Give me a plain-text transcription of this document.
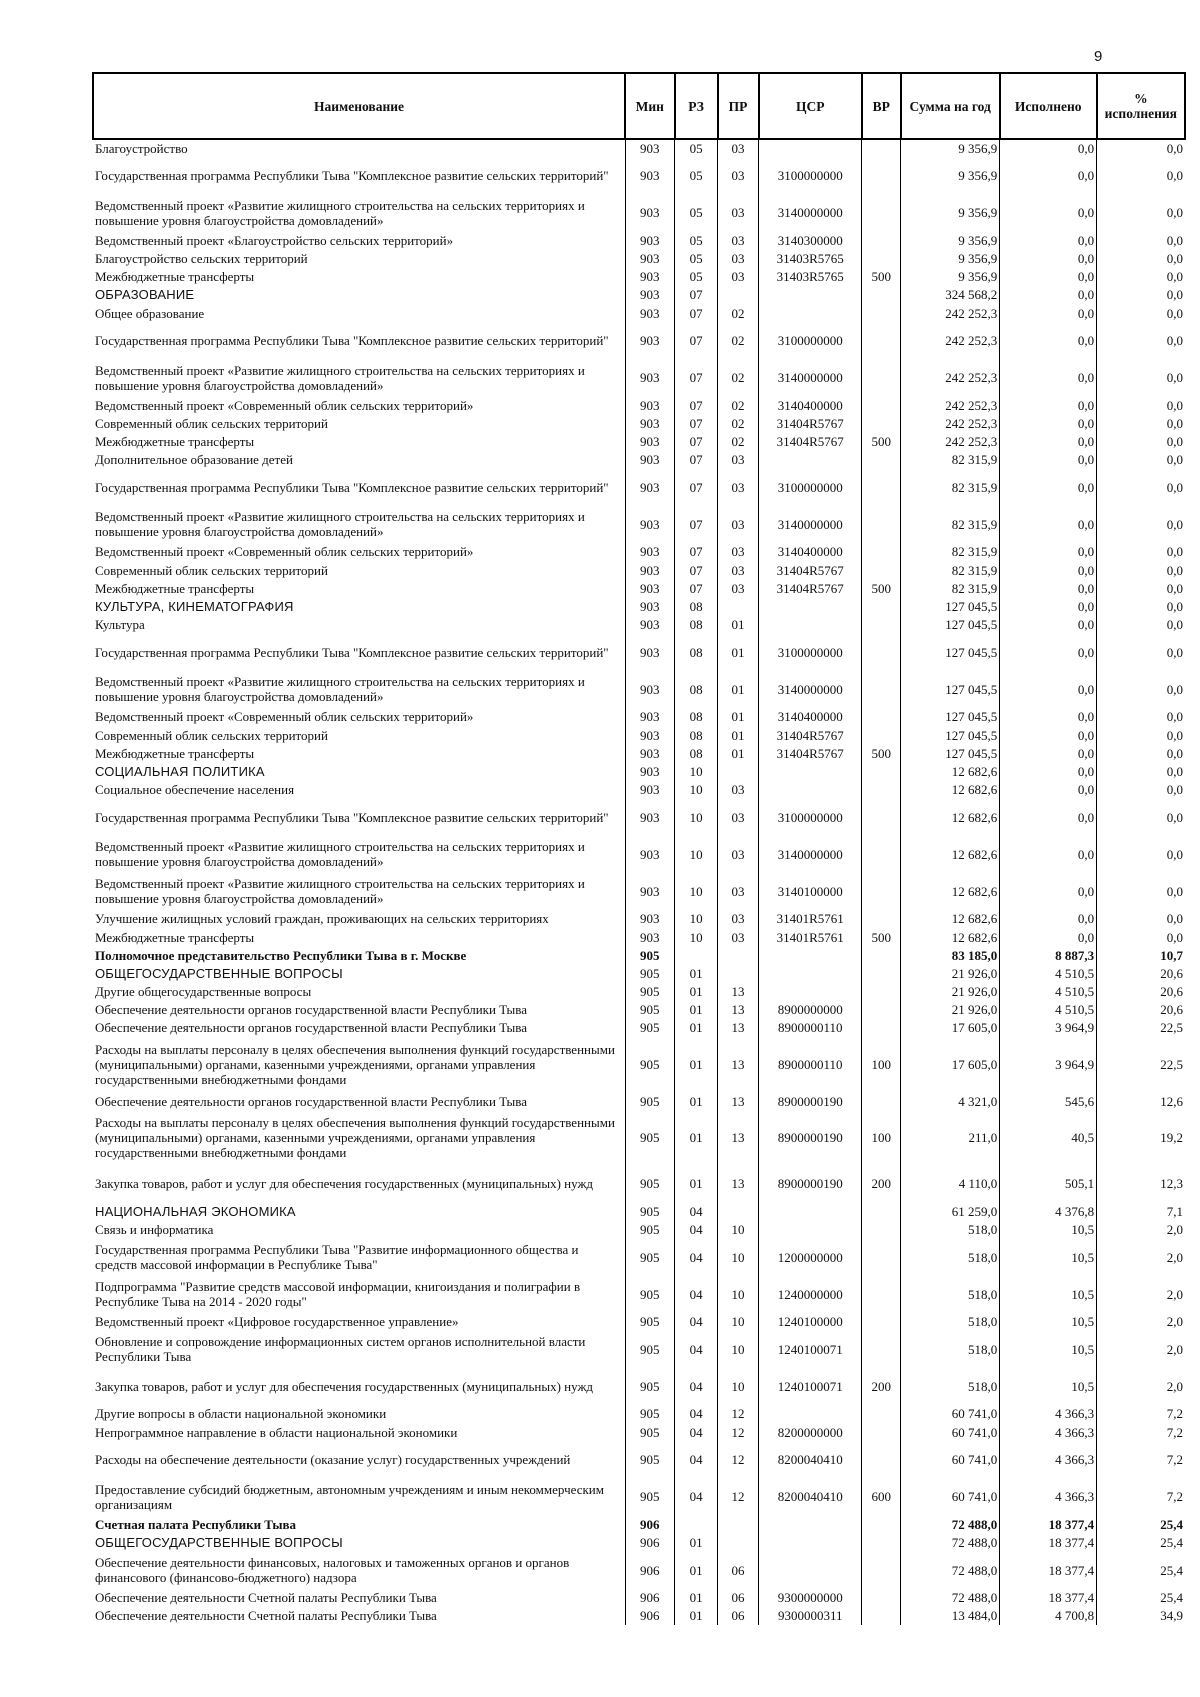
9
Наименование	Мин	РЗ	ПР	ЦСР	ВР	Сумма на год	Исполнено	% исполнения
Благоустройство	903	05	03			9 356,9	0,0	0,0
Государственная программа Республики Тыва "Комплексное развитие сельских территорий"	903	05	03	3100000000		9 356,9	0,0	0,0
Ведомственный проект «Развитие жилищного строительства на сельских территориях и повышение уровня благоустройства домовладений»	903	05	03	3140000000		9 356,9	0,0	0,0
Ведомственный проект «Благоустройство сельских территорий»	903	05	03	3140300000		9 356,9	0,0	0,0
Благоустройство сельских территорий	903	05	03	31403R5765		9 356,9	0,0	0,0
Межбюджетные трансферты	903	05	03	31403R5765	500	9 356,9	0,0	0,0
ОБРАЗОВАНИЕ	903	07				324 568,2	0,0	0,0
Общее образование	903	07	02			242 252,3	0,0	0,0
Государственная программа Республики Тыва "Комплексное развитие сельских территорий"	903	07	02	3100000000		242 252,3	0,0	0,0
Ведомственный проект «Развитие жилищного строительства на сельских территориях и повышение уровня благоустройства домовладений»	903	07	02	3140000000		242 252,3	0,0	0,0
Ведомственный проект «Современный облик сельских территорий»	903	07	02	3140400000		242 252,3	0,0	0,0
Современный облик сельских территорий	903	07	02	31404R5767		242 252,3	0,0	0,0
Межбюджетные трансферты	903	07	02	31404R5767	500	242 252,3	0,0	0,0
Дополнительное образование детей	903	07	03			82 315,9	0,0	0,0
Государственная программа Республики Тыва "Комплексное развитие сельских территорий"	903	07	03	3100000000		82 315,9	0,0	0,0
Ведомственный проект «Развитие жилищного строительства на сельских территориях и повышение уровня благоустройства домовладений»	903	07	03	3140000000		82 315,9	0,0	0,0
Ведомственный проект «Современный облик сельских территорий»	903	07	03	3140400000		82 315,9	0,0	0,0
Современный облик сельских территорий	903	07	03	31404R5767		82 315,9	0,0	0,0
Межбюджетные трансферты	903	07	03	31404R5767	500	82 315,9	0,0	0,0
КУЛЬТУРА, КИНЕМАТОГРАФИЯ	903	08				127 045,5	0,0	0,0
Культура	903	08	01			127 045,5	0,0	0,0
Государственная программа Республики Тыва "Комплексное развитие сельских территорий"	903	08	01	3100000000		127 045,5	0,0	0,0
Ведомственный проект «Развитие жилищного строительства на сельских территориях и повышение уровня благоустройства домовладений»	903	08	01	3140000000		127 045,5	0,0	0,0
Ведомственный проект «Современный облик сельских территорий»	903	08	01	3140400000		127 045,5	0,0	0,0
Современный облик сельских территорий	903	08	01	31404R5767		127 045,5	0,0	0,0
Межбюджетные трансферты	903	08	01	31404R5767	500	127 045,5	0,0	0,0
СОЦИАЛЬНАЯ ПОЛИТИКА	903	10				12 682,6	0,0	0,0
Социальное обеспечение населения	903	10	03			12 682,6	0,0	0,0
Государственная программа Республики Тыва "Комплексное развитие сельских территорий"	903	10	03	3100000000		12 682,6	0,0	0,0
Ведомственный проект «Развитие жилищного строительства на сельских территориях и повышение уровня благоустройства домовладений»	903	10	03	3140000000		12 682,6	0,0	0,0
Ведомственный проект «Развитие жилищного строительства на сельских территориях и повышение уровня благоустройства домовладений»	903	10	03	3140100000		12 682,6	0,0	0,0
Улучшение жилищных условий граждан, проживающих на сельских территориях	903	10	03	31401R5761		12 682,6	0,0	0,0
Межбюджетные трансферты	903	10	03	31401R5761	500	12 682,6	0,0	0,0
Полномочное представительство Республики Тыва в г. Москве	905					83 185,0	8 887,3	10,7
ОБЩЕГОСУДАРСТВЕННЫЕ ВОПРОСЫ	905	01				21 926,0	4 510,5	20,6
Другие общегосударственные вопросы	905	01	13			21 926,0	4 510,5	20,6
Обеспечение деятельности органов государственной власти Республики Тыва	905	01	13	8900000000		21 926,0	4 510,5	20,6
Обеспечение деятельности органов государственной власти Республики Тыва	905	01	13	8900000110		17 605,0	3 964,9	22,5
Расходы на выплаты персоналу в целях обеспечения выполнения функций государственными (муниципальными) органами, казенными учреждениями, органами управления государственными внебюджетными фондами	905	01	13	8900000110	100	17 605,0	3 964,9	22,5
Обеспечение деятельности органов государственной власти Республики Тыва	905	01	13	8900000190		4 321,0	545,6	12,6
Расходы на выплаты персоналу в целях обеспечения выполнения функций государственными (муниципальными) органами, казенными учреждениями, органами управления государственными внебюджетными фондами	905	01	13	8900000190	100	211,0	40,5	19,2
Закупка товаров, работ и услуг для обеспечения государственных (муниципальных) нужд	905	01	13	8900000190	200	4 110,0	505,1	12,3
НАЦИОНАЛЬНАЯ ЭКОНОМИКА	905	04				61 259,0	4 376,8	7,1
Связь и информатика	905	04	10			518,0	10,5	2,0
Государственная программа Республики Тыва "Развитие информационного общества и средств массовой информации в Республике Тыва"	905	04	10	1200000000		518,0	10,5	2,0
Подпрограмма "Развитие средств массовой информации, книгоиздания и полиграфии в Республике Тыва на 2014 - 2020 годы"	905	04	10	1240000000		518,0	10,5	2,0
Ведомственный проект «Цифровое государственное управление»	905	04	10	1240100000		518,0	10,5	2,0
Обновление и сопровождение информационных систем органов исполнительной власти Республики Тыва	905	04	10	1240100071		518,0	10,5	2,0
Закупка товаров, работ и услуг для обеспечения государственных (муниципальных) нужд	905	04	10	1240100071	200	518,0	10,5	2,0
Другие вопросы в области национальной экономики	905	04	12			60 741,0	4 366,3	7,2
Непрограммное направление в области национальной экономики	905	04	12	8200000000		60 741,0	4 366,3	7,2
Расходы на обеспечение деятельности (оказание услуг) государственных учреждений	905	04	12	8200040410		60 741,0	4 366,3	7,2
Предоставление субсидий бюджетным, автономным учреждениям и иным некоммерческим организациям	905	04	12	8200040410	600	60 741,0	4 366,3	7,2
Счетная палата Республики Тыва	906					72 488,0	18 377,4	25,4
ОБЩЕГОСУДАРСТВЕННЫЕ ВОПРОСЫ	906	01				72 488,0	18 377,4	25,4
Обеспечение деятельности финансовых, налоговых и таможенных органов и органов финансового (финансово-бюджетного) надзора	906	01	06			72 488,0	18 377,4	25,4
Обеспечение деятельности Счетной палаты Республики Тыва	906	01	06	9300000000		72 488,0	18 377,4	25,4
Обеспечение деятельности Счетной палаты Республики Тыва	906	01	06	9300000311		13 484,0	4 700,8	34,9
